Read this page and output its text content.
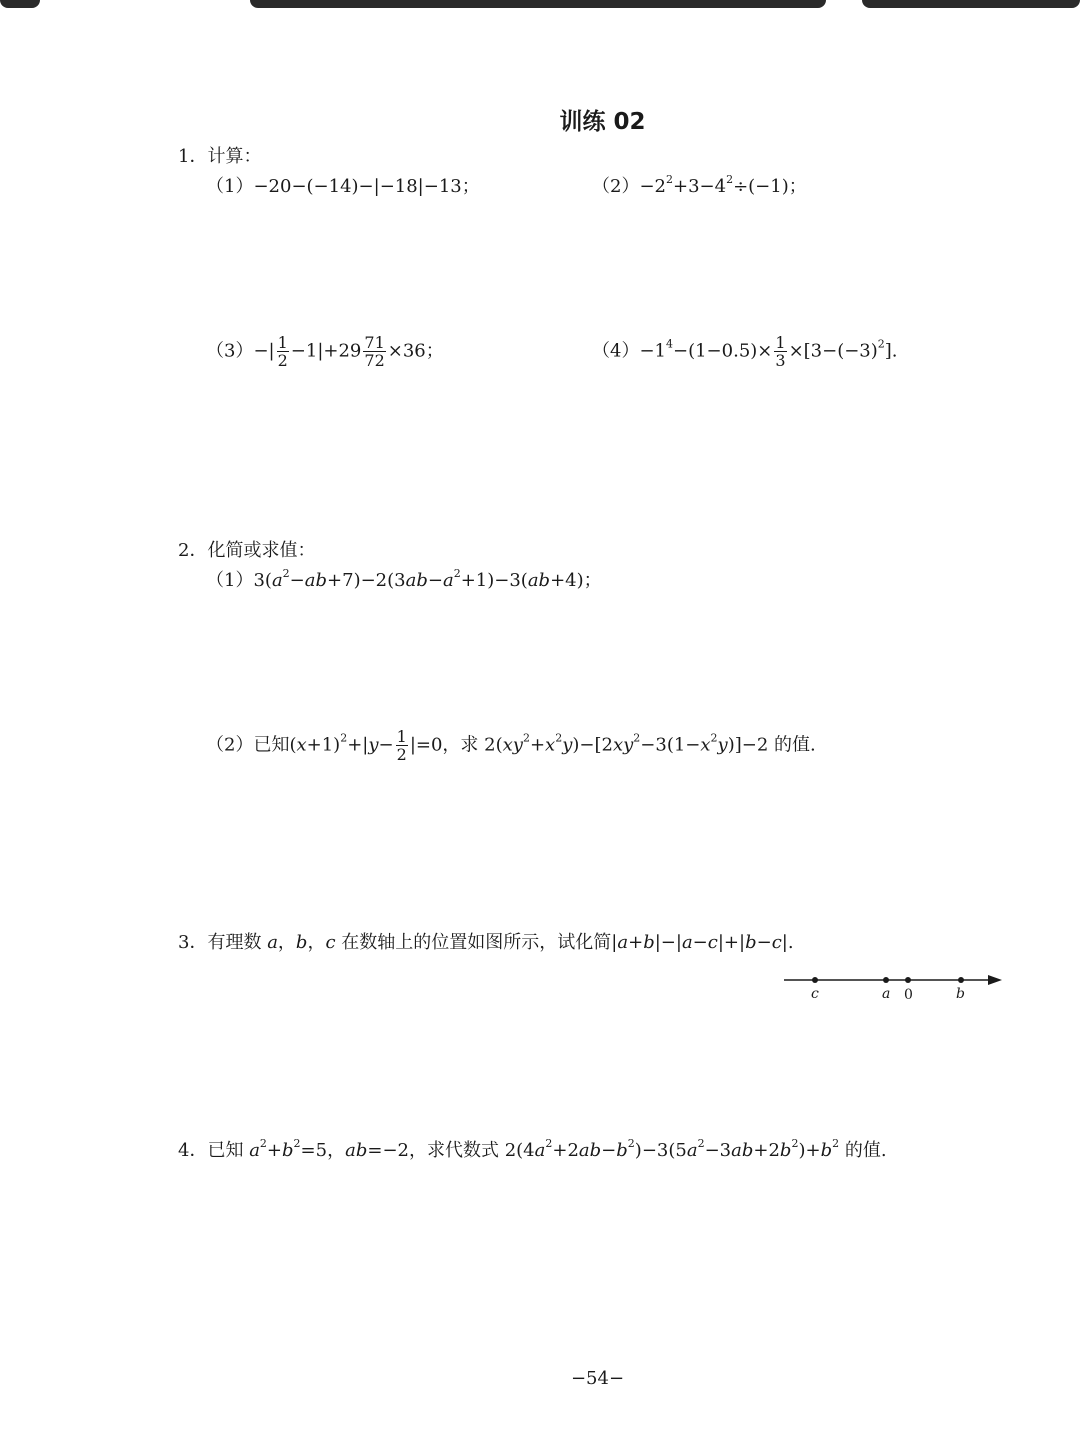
训练 02
1．计算：
（1）−20−(−14)−|−18|−13；	$(2)-2^2+3-4^2\div(-1)$；
$(3)-| \frac{1}{2} -1|+29 \frac{71}{72} \times 36$；	$(4)-1^4-(1-0.5)\times \frac{1}{3} \times[3-(-3)^2]$.
2．化简或求值：
$(1)3(a^2-ab+7)-2(3ab-a^2+1)-3(ab+4)$；
（2）已知$(x+1)^2+|y- \frac{1}{2} |=0$，求 $2(xy^2+x^2y)-[2xy^2-3(1-x^2y)]-2$ 的值.
3．有理数 a，b，c 在数轴上的位置如图所示，试化简|a+b|−|a−c|+|b−c|.
c	a 0	b
4．已知 $a^2+b^2=5$，ab=−2，求代数式 $2(4a^2+2ab-b^2)-3(5a^2-3ab+2b^2)+b^2$ 的值.
−54−
